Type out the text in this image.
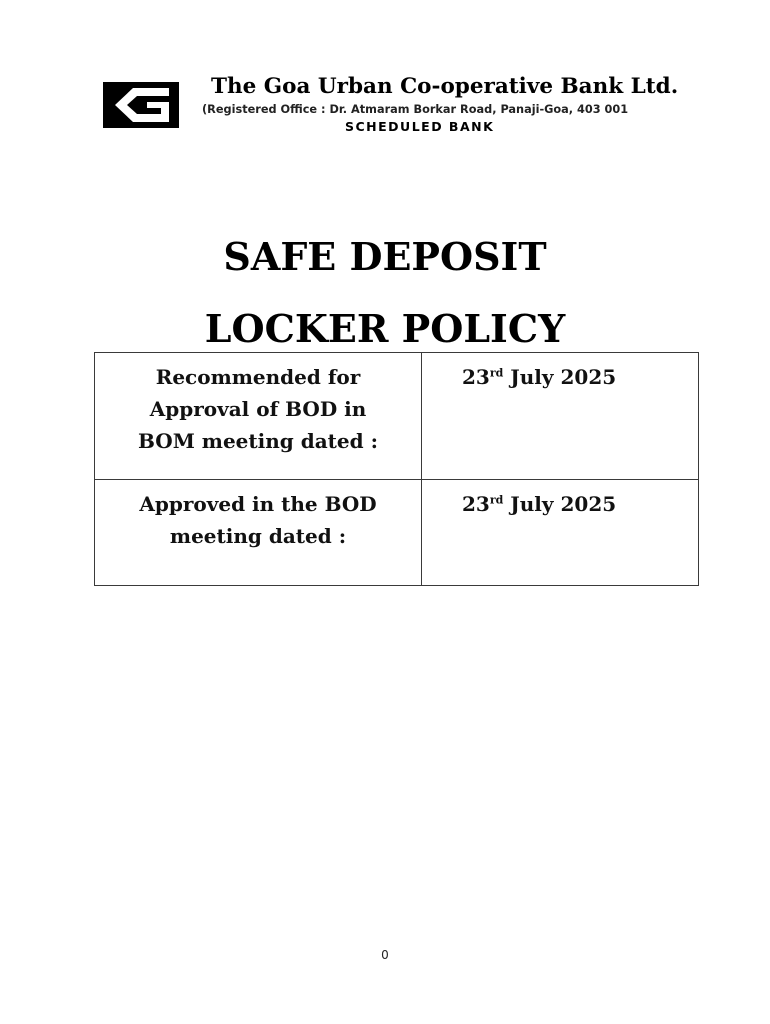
The Goa Urban Co-operative Bank Ltd.
(Registered Office : Dr. Atmaram Borkar Road, Panaji-Goa, 403 001
SCHEDULED BANK
SAFE DEPOSIT
LOCKER POLICY
Recommended for
Approval of BOD in
BOM meeting dated :	23rd July 2025

Approved in the BOD
meeting dated :	23rd July 2025
0
